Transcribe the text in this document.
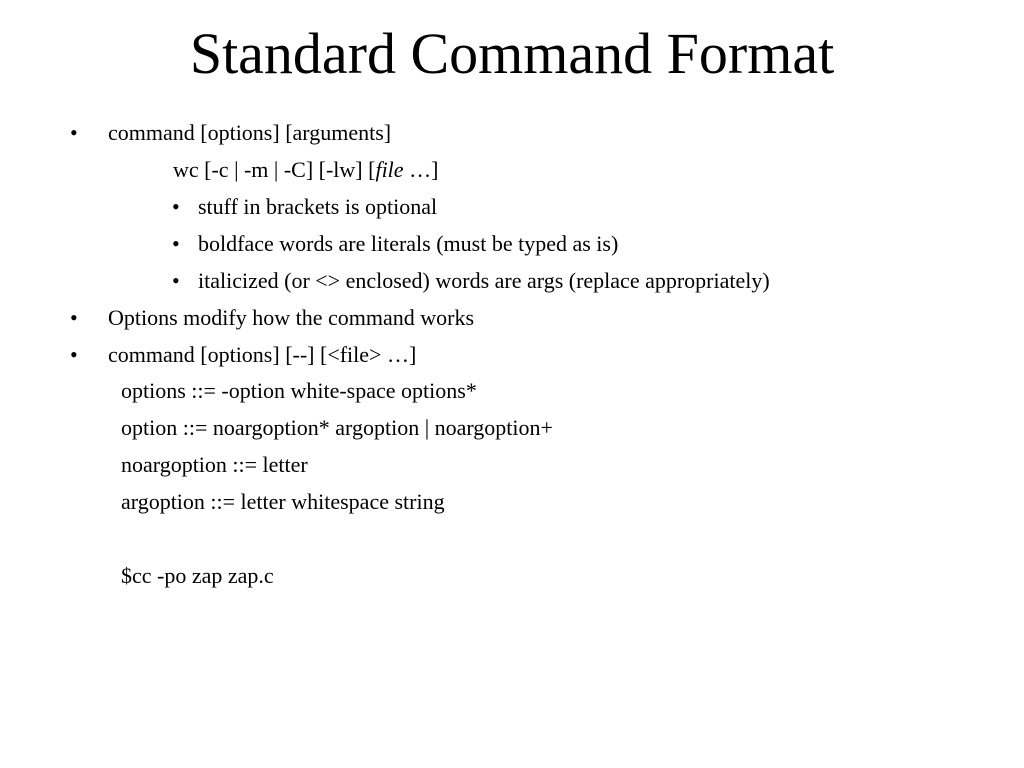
Standard Command Format
• command [options] [arguments]
wc [-c | -m | -C] [-lw] [file …]
• stuff in brackets is optional
• boldface words are literals (must be typed as is)
• italicized (or <> enclosed) words are args (replace appropriately)
• Options modify how the command works
• command [options] [--] [<file> …]
options ::= -option white-space options*
option ::= noargoption* argoption | noargoption+
noargoption ::= letter
argoption ::= letter whitespace string
$cc -po zap zap.c
